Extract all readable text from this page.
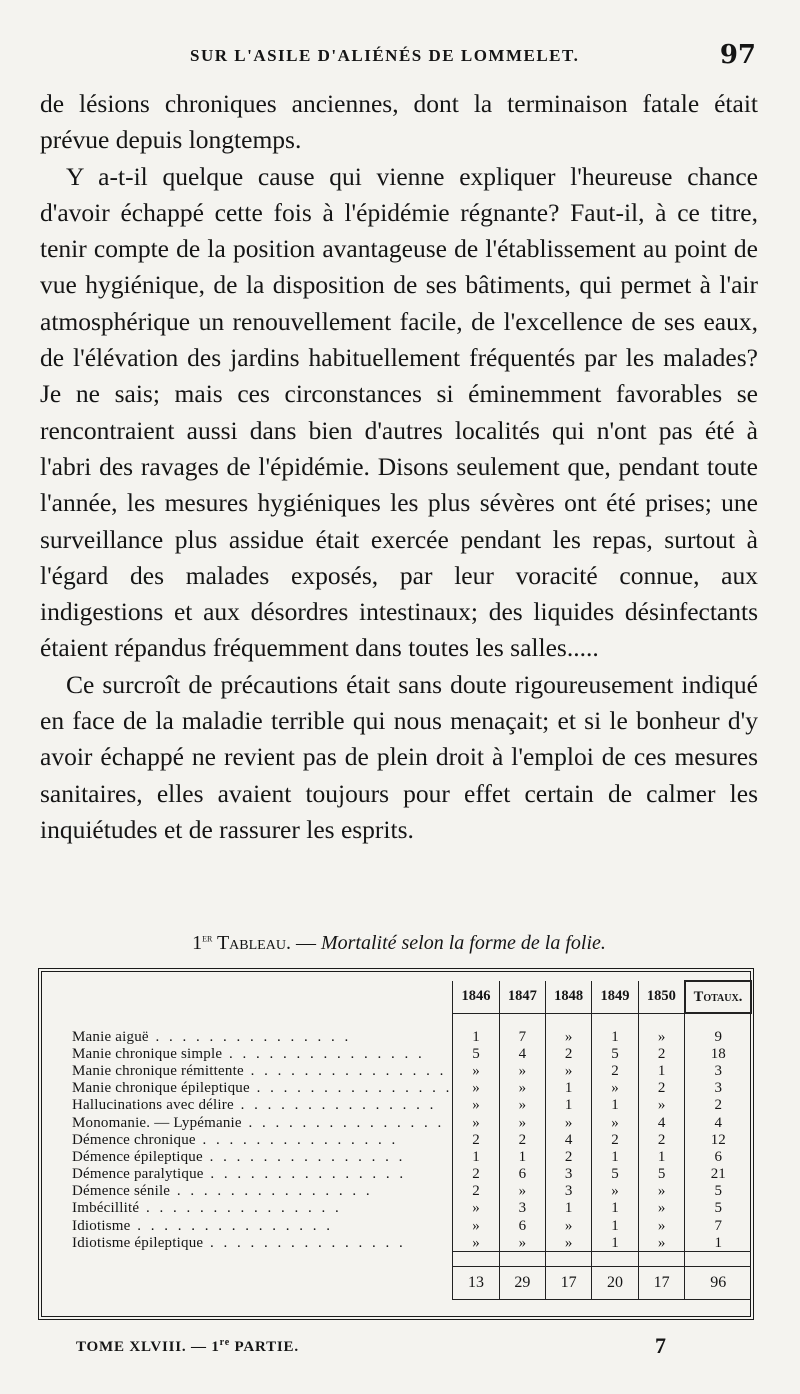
SUR L'ASILE D'ALIÉNÉS DE LOMMELET.	97

de lésions chroniques anciennes, dont la terminaison fatale était prévue depuis longtemps.

Y a-t-il quelque cause qui vienne expliquer l'heureuse chance d'avoir échappé cette fois à l'épidémie régnante? Faut-il, à ce titre, tenir compte de la position avantageuse de l'établissement au point de vue hygiénique, de la disposition de ses bâtiments, qui permet à l'air atmosphérique un renouvellement facile, de l'excellence de ses eaux, de l'élévation des jardins habituellement fréquentés par les malades? Je ne sais; mais ces circonstances si éminemment favorables se rencontraient aussi dans bien d'autres localités qui n'ont pas été à l'abri des ravages de l'épidémie. Disons seulement que, pendant toute l'année, les mesures hygiéniques les plus sévères ont été prises; une surveillance plus assidue était exercée pendant les repas, surtout à l'égard des malades exposés, par leur voracité connue, aux indigestions et aux désordres intestinaux; des liquides désinfectants étaient répandus fréquemment dans toutes les salles.....

Ce surcroît de précautions était sans doute rigoureusement indiqué en face de la maladie terrible qui nous menaçait; et si le bonheur d'y avoir échappé ne revient pas de plein droit à l'emploi de ces mesures sanitaires, elles avaient toujours pour effet certain de calmer les inquiétudes et de rassurer les esprits.

1er Tableau. — Mortalité selon la forme de la folie.
	1846	1847	1848	1849	1850	Totaux.

Manie aiguë . . . . . . . . . . . . . . .	1	7	»	1	»	9
Manie chronique simple . . . . . . . . . . . . . . .	5	4	2	5	2	18
Manie chronique rémittente . . . . . . . . . . . . . . .	»	»	»	2	1	3
Manie chronique épileptique . . . . . . . . . . . . . . .	»	»	1	»	2	3
Hallucinations avec délire . . . . . . . . . . . . . . .	»	»	1	1	»	2
Monomanie. — Lypémanie . . . . . . . . . . . . . . .	»	»	»	»	4	4
Démence chronique . . . . . . . . . . . . . . .	2	2	4	2	2	12
Démence épileptique . . . . . . . . . . . . . . .	1	1	2	1	1	6
Démence paralytique . . . . . . . . . . . . . . .	2	6	3	5	5	21
Démence sénile . . . . . . . . . . . . . . .	2	»	3	»	»	5
Imbécillité . . . . . . . . . . . . . . .	»	3	1	1	»	5
Idiotisme . . . . . . . . . . . . . . .	»	6	»	1	»	7
Idiotisme épileptique . . . . . . . . . . . . . . .	»	»	»	1	»	1

	13	29	17	20	17	96
TOME XLVIII. — 1re PARTIE.	7
